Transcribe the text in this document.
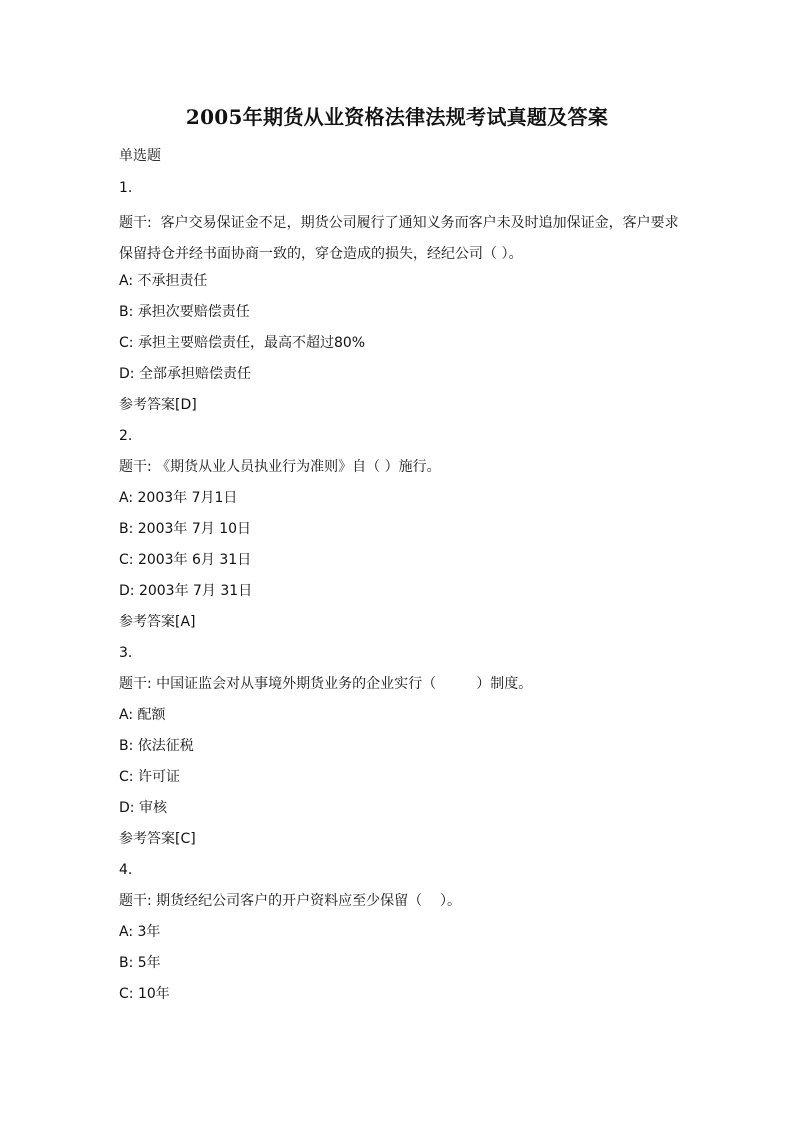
2005年期货从业资格法律法规考试真题及答案
单选题
1.
题干:  客户交易保证金不足，期货公司履行了通知义务而客户未及时追加保证金，客户要求保留持仓并经书面协商一致的，穿仓造成的损失，经纪公司（ ）。
A: 不承担责任
B: 承担次要赔偿责任
C: 承担主要赔偿责任，最高不超过80%
D: 全部承担赔偿责任
参考答案[D]
2.
题干: 《期货从业人员执业行为准则》自（ ）施行。
A: 2003年 7月1日
B: 2003年 7月 10日
C: 2003年 6月 31日
D: 2003年 7月 31日
参考答案[A]
3.
题干: 中国证监会对从事境外期货业务的企业实行（         ）制度。
A: 配额
B: 依法征税
C: 许可证
D: 审核
参考答案[C]
4.
题干: 期货经纪公司客户的开户资料应至少保留（    ）。
A: 3年
B: 5年
C: 10年
